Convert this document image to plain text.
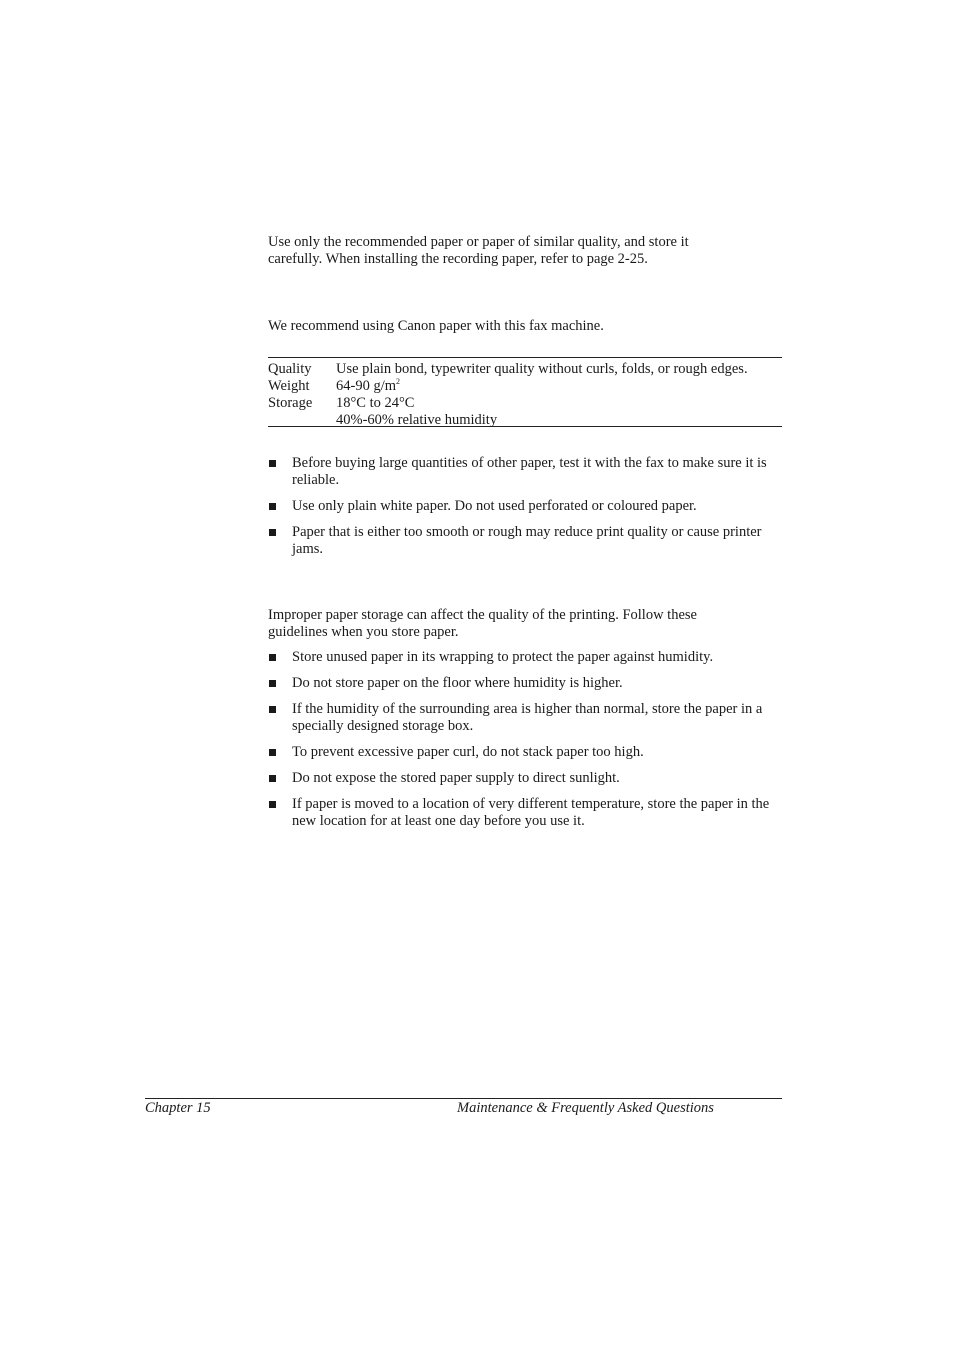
Use only the recommended paper or paper of similar quality, and store it carefully. When installing the recording paper, refer to page 2-25.

We recommend using Canon paper with this fax machine.

Quality	Use plain bond, typewriter quality without curls, folds, or rough edges.
Weight	64-90 $g/m^2$
Storage	18°C to 24°C
40%-60% relative humidity
Before buying large quantities of other paper, test it with the fax to make sure it is reliable.
Use only plain white paper. Do not used perforated or coloured paper.
Paper that is either too smooth or rough may reduce print quality or cause printer jams.

Improper paper storage can affect the quality of the printing. Follow these guidelines when you store paper.

Store unused paper in its wrapping to protect the paper against humidity.
Do not store paper on the floor where humidity is higher.
If the humidity of the surrounding area is higher than normal, store the paper in a specially designed storage box.
To prevent excessive paper curl, do not stack paper too high.
Do not expose the stored paper supply to direct sunlight.
If paper is moved to a location of very different temperature, store the paper in the new location for at least one day before you use it.
Chapter 15	Maintenance & Frequently Asked Questions
